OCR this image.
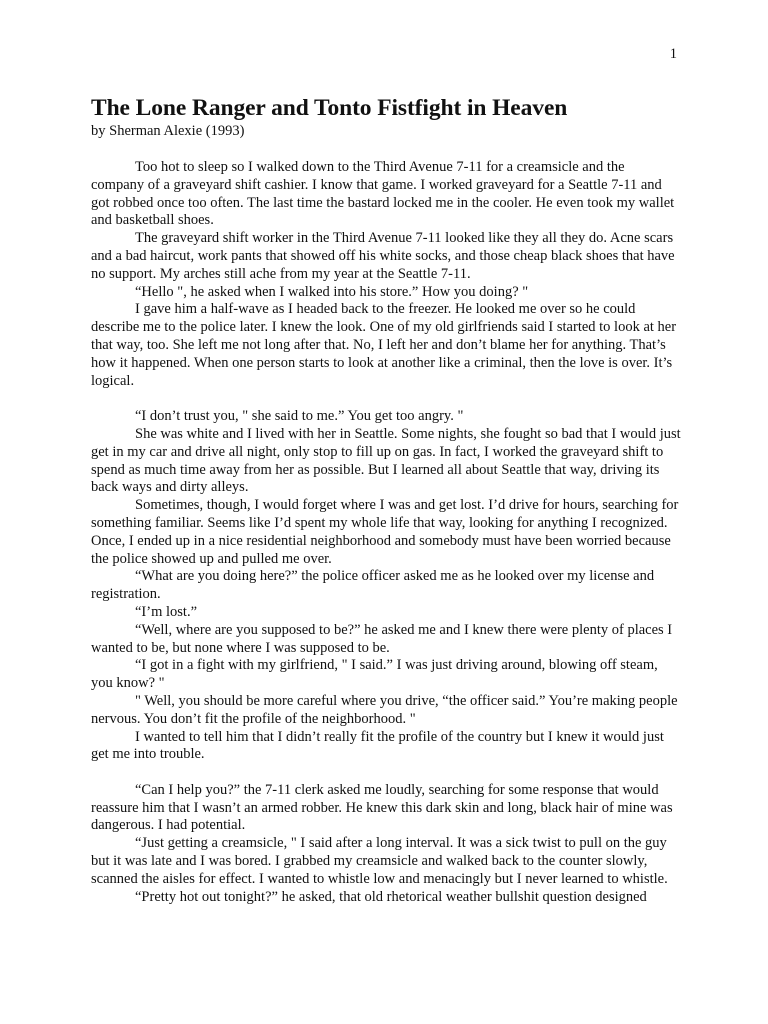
1
The Lone Ranger and Tonto Fistfight in Heaven
by Sherman Alexie (1993)

Too hot to sleep so I walked down to the Third Avenue 7-11 for a creamsicle and the company of a graveyard shift cashier. I know that game. I worked graveyard for a Seattle 7-11 and got robbed once too often. The last time the bastard locked me in the cooler. He even took my wallet and basketball shoes.

The graveyard shift worker in the Third Avenue 7-11 looked like they all they do. Acne scars and a bad haircut, work pants that showed off his white socks, and those cheap black shoes that have no support. My arches still ache from my year at the Seattle 7-11.

“Hello ", he asked when I walked into his store.” How you doing? "

I gave him a half-wave as I headed back to the freezer. He looked me over so he could describe me to the police later. I knew the look. One of my old girlfriends said I started to look at her that way, too. She left me not long after that. No, I left her and don’t blame her for anything. That’s how it happened. When one person starts to look at another like a criminal, then the love is over. It’s logical.

“I don’t trust you, " she said to me.” You get too angry. "

She was white and I lived with her in Seattle. Some nights, she fought so bad that I would just get in my car and drive all night, only stop to fill up on gas. In fact, I worked the graveyard shift to spend as much time away from her as possible. But I learned all about Seattle that way, driving its back ways and dirty alleys.

Sometimes, though, I would forget where I was and get lost. I’d drive for hours, searching for something familiar. Seems like I’d spent my whole life that way, looking for anything I recognized. Once, I ended up in a nice residential neighborhood and somebody must have been worried because the police showed up and pulled me over.

“What are you doing here?” the police officer asked me as he looked over my license and registration.

“I’m lost.”

“Well, where are you supposed to be?” he asked me and I knew there were plenty of places I wanted to be, but none where I was supposed to be.

“I got in a fight with my girlfriend, " I said.” I was just driving around, blowing off steam, you know? "

" Well, you should be more careful where you drive, “the officer said.” You’re making people nervous. You don’t fit the profile of the neighborhood. "

I wanted to tell him that I didn’t really fit the profile of the country but I knew it would just get me into trouble.

“Can I help you?” the 7-11 clerk asked me loudly, searching for some response that would reassure him that I wasn’t an armed robber. He knew this dark skin and long, black hair of mine was dangerous. I had potential.

“Just getting a creamsicle, " I said after a long interval. It was a sick twist to pull on the guy but it was late and I was bored. I grabbed my creamsicle and walked back to the counter slowly, scanned the aisles for effect. I wanted to whistle low and menacingly but I never learned to whistle.

“Pretty hot out tonight?” he asked, that old rhetorical weather bullshit question designed
